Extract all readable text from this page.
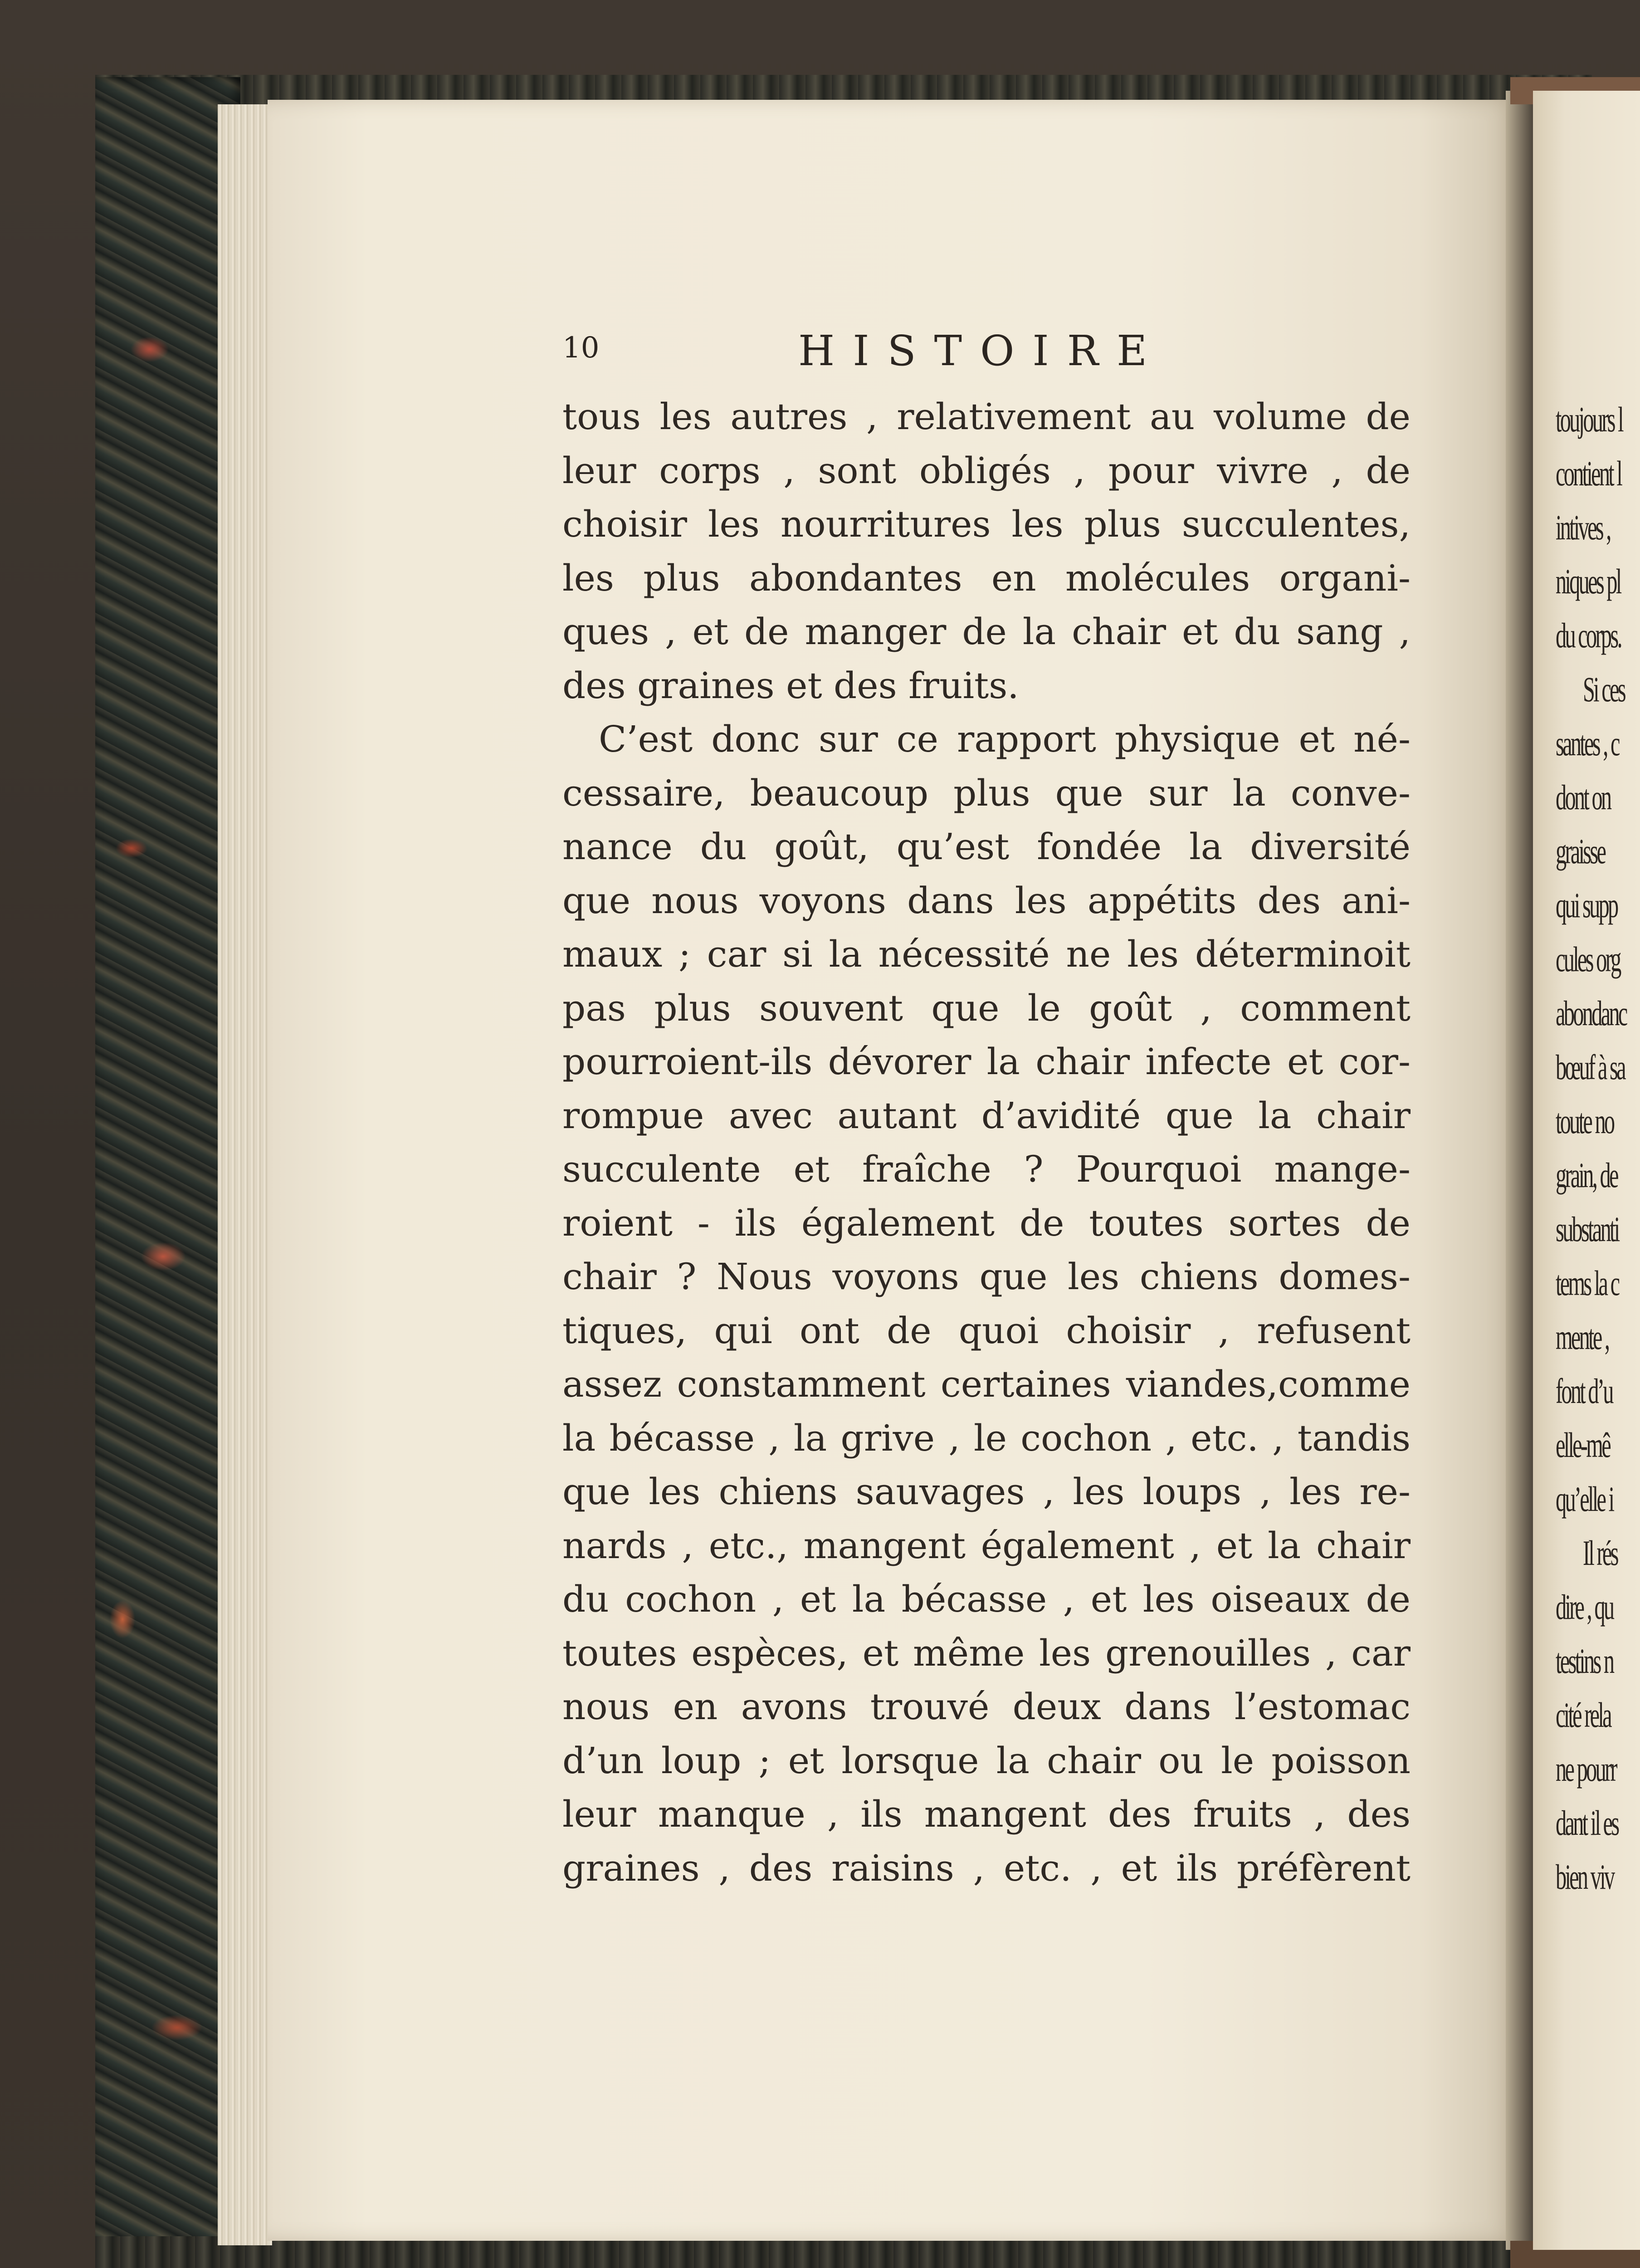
toujours l
contient l
intives ,
niques pl
du corps.
Si ces
santes , c
dont on
graisse
qui supp
cules org
abondanc
bœuf à sa
toute no
grain, de
substanti
tems la c
mente ,
font d’u
elle-mê
qu’elle i
Il rés
dire , qu
testins n
cité rela
ne pourr
dant il es
bien viv
10	HISTOIRE
tous les autres , relativement au volume de
leur corps , sont obligés , pour vivre , de
choisir les nourritures les plus succulentes,
les plus abondantes en molécules organi-
ques , et de manger de la chair et du sang ,
des graines et des fruits.
C’est donc sur ce rapport physique et né-
cessaire, beaucoup plus que sur la conve-
nance du goût, qu’est fondée la diversité
que nous voyons dans les appétits des ani-
maux ; car si la nécessité ne les déterminoit
pas plus souvent que le goût , comment
pourroient-ils dévorer la chair infecte et cor-
rompue avec autant d’avidité que la chair
succulente et fraîche ? Pourquoi mange-
roient - ils également de toutes sortes de
chair ? Nous voyons que les chiens domes-
tiques, qui ont de quoi choisir , refusent
assez constamment certaines viandes,comme
la bécasse , la grive , le cochon , etc. , tandis
que les chiens sauvages , les loups , les re-
nards , etc., mangent également , et la chair
du cochon , et la bécasse , et les oiseaux de
toutes espèces, et même les grenouilles , car
nous en avons trouvé deux dans l’estomac
d’un loup ; et lorsque la chair ou le poisson
leur manque , ils mangent des fruits , des
graines , des raisins , etc. , et ils préfèrent
